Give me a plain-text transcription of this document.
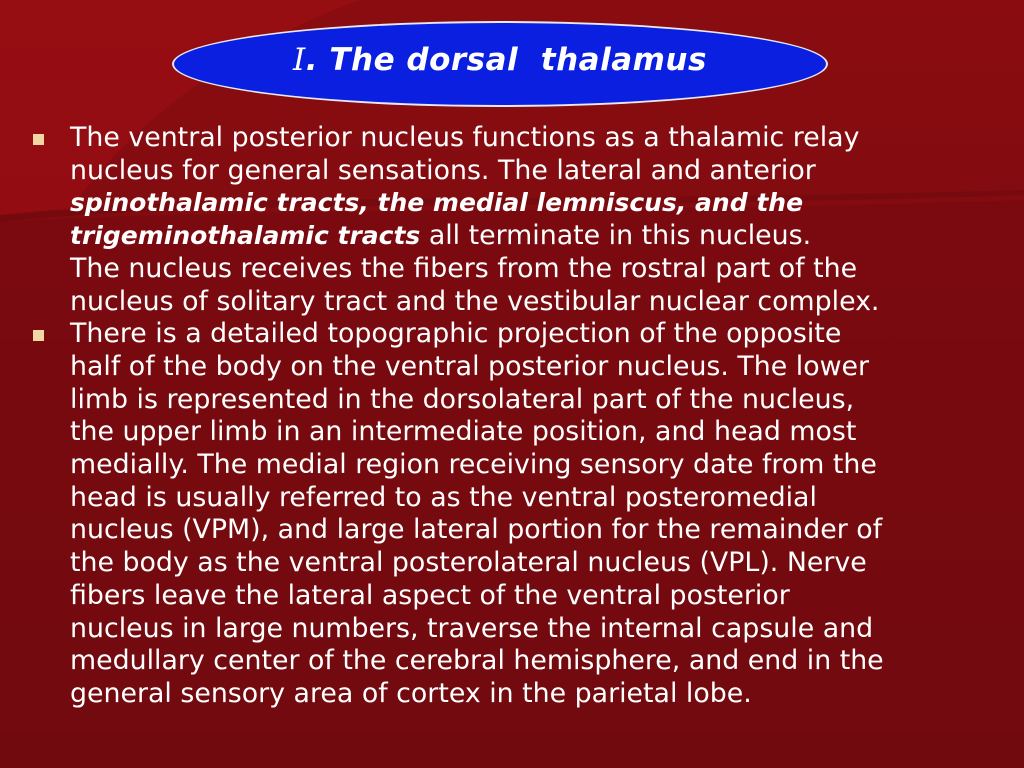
Ⅰ. The dorsal  thalamus
The ventral posterior nucleus functions as a thalamic relay
nucleus for general sensations. The lateral and anterior
spinothalamic tracts, the medial lemniscus, and the
trigeminothalamic tracts all terminate in this nucleus.
The nucleus receives the fibers from the rostral part of the
nucleus of solitary tract and the vestibular nuclear complex.
There is a detailed topographic projection of the opposite
half of the body on the ventral posterior nucleus. The lower
limb is represented in the dorsolateral part of the nucleus,
the upper limb in an intermediate position, and head most
medially. The medial region receiving sensory date from the
head is usually referred to as the ventral posteromedial
nucleus (VPM), and large lateral portion for the remainder of
the body as the ventral posterolateral nucleus (VPL). Nerve
fibers leave the lateral aspect of the ventral posterior
nucleus in large numbers, traverse the internal capsule and
medullary center of the cerebral hemisphere, and end in the
general sensory area of cortex in the parietal lobe.
